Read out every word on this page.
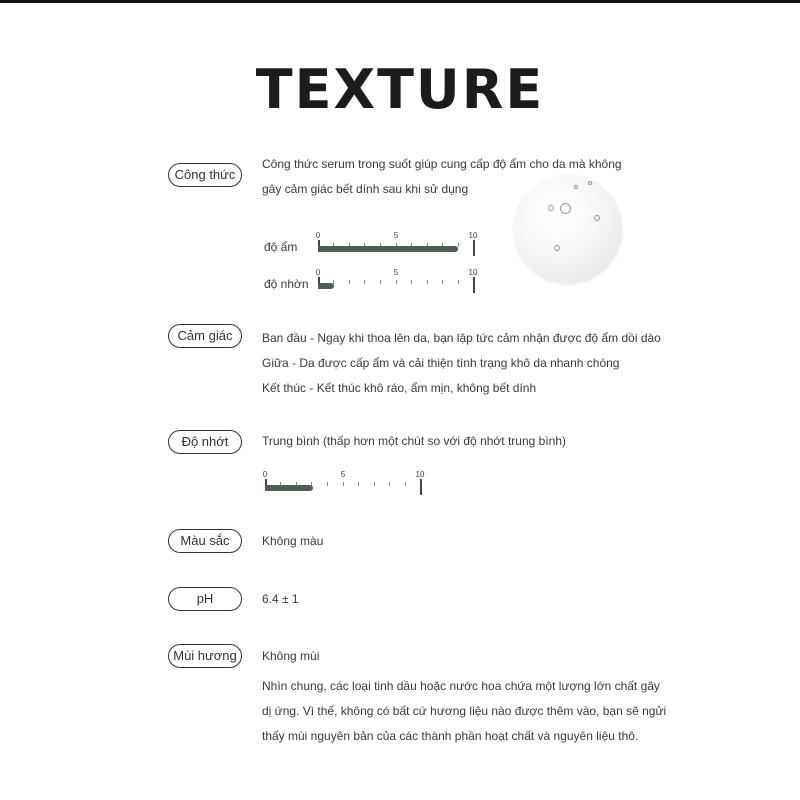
TEXTURE
Công thức
Công thức serum trong suốt giúp cung cấp độ ẩm cho da mà không
gây cảm giác bết dính sau khi sử dụng
độ ẩm
0	5	10
độ nhờn
0	5	10
Cảm giác	Ban đầu - Ngay khi thoa lên da, bạn lập tức cảm nhận được độ ẩm dồi dào
Giữa - Da được cấp ẩm và cải thiện tình trạng khô da nhanh chóng
Kết thúc - Kết thúc khô ráo, ẩm mịn, không bết dính
Độ nhớt	Trung bình (thấp hơn một chút so với độ nhớt trung bình)
0	5	10
Màu sắc	Không màu
pH	6.4 ± 1
Mùi hương	Không mùi
Nhìn chung, các loại tinh dầu hoặc nước hoa chứa một lượng lớn chất gây
dị ứng. Vì thế, không có bất cứ hương liệu nào được thêm vào, bạn sẽ ngửi
thấy mùi nguyên bản của các thành phần hoạt chất và nguyên liệu thô.
